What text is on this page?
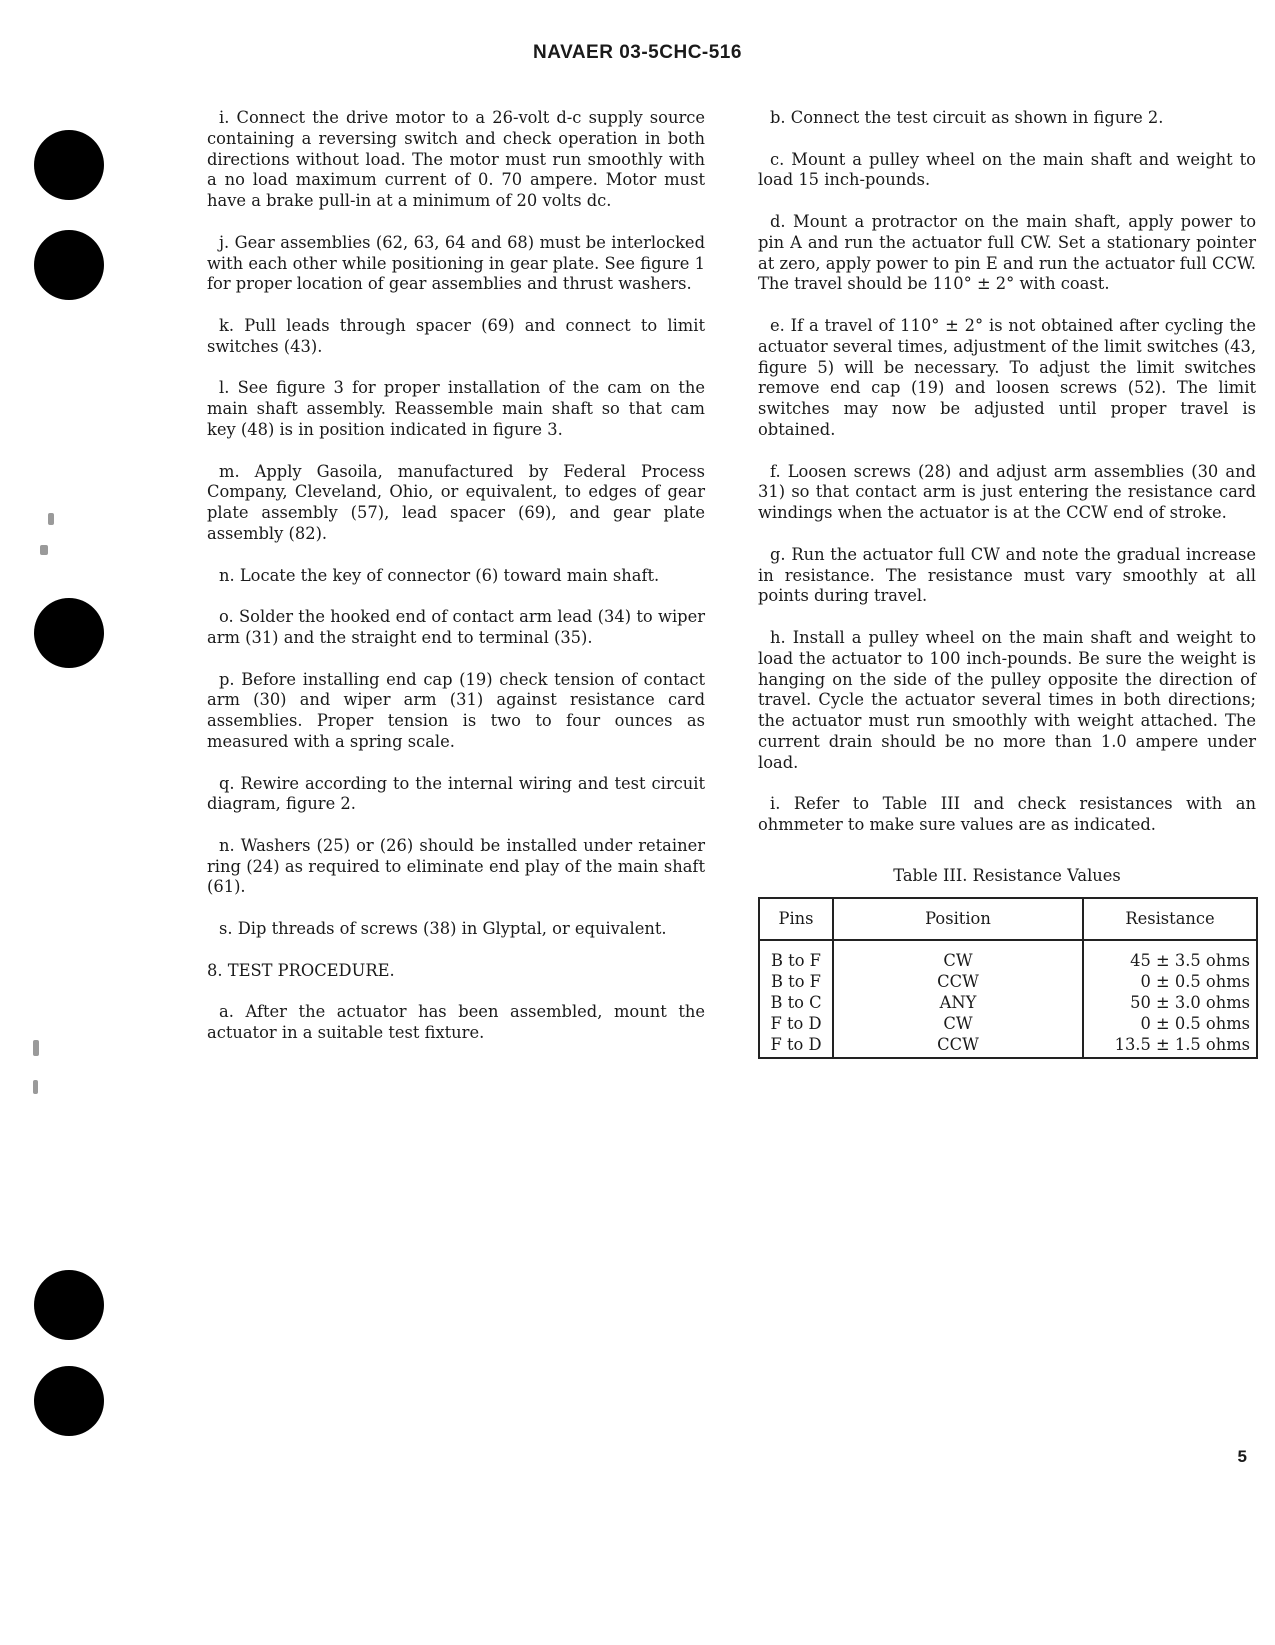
NAVAER 03-5CHC-516

i. Connect the drive motor to a 26-volt d-c supply source containing a reversing switch and check operation in both directions without load. The motor must run smoothly with a no load maximum current of 0. 70 ampere. Motor must have a brake pull-in at a minimum of 20 volts dc.

j. Gear assemblies (62, 63, 64 and 68) must be interlocked with each other while positioning in gear plate. See figure 1 for proper location of gear assemblies and thrust washers.

k. Pull leads through spacer (69) and connect to limit switches (43).

l. See figure 3 for proper installation of the cam on the main shaft assembly. Reassemble main shaft so that cam key (48) is in position indicated in figure 3.

m. Apply Gasoila, manufactured by Federal Process Company, Cleveland, Ohio, or equivalent, to edges of gear plate assembly (57), lead spacer (69), and gear plate assembly (82).

n. Locate the key of connector (6) toward main shaft.

o. Solder the hooked end of contact arm lead (34) to wiper arm (31) and the straight end to terminal (35).

p. Before installing end cap (19) check tension of contact arm (30) and wiper arm (31) against resistance card assemblies. Proper tension is two to four ounces as measured with a spring scale.

q. Rewire according to the internal wiring and test circuit diagram, figure 2.

n. Washers (25) or (26) should be installed under retainer ring (24) as required to eliminate end play of the main shaft (61).

s. Dip threads of screws (38) in Glyptal, or equivalent.

8. TEST PROCEDURE.

a. After the actuator has been assembled, mount the actuator in a suitable test fixture.

b. Connect the test circuit as shown in figure 2.

c. Mount a pulley wheel on the main shaft and weight to load 15 inch-pounds.

d. Mount a protractor on the main shaft, apply power to pin A and run the actuator full CW. Set a stationary pointer at zero, apply power to pin E and run the actuator full CCW. The travel should be 110° ± 2° with coast.

e. If a travel of 110° ± 2° is not obtained after cycling the actuator several times, adjustment of the limit switches (43, figure 5) will be necessary. To adjust the limit switches remove end cap (19) and loosen screws (52). The limit switches may now be adjusted until proper travel is obtained.

f. Loosen screws (28) and adjust arm assemblies (30 and 31) so that contact arm is just entering the resistance card windings when the actuator is at the CCW end of stroke.

g. Run the actuator full CW and note the gradual increase in resistance. The resistance must vary smoothly at all points during travel.

h. Install a pulley wheel on the main shaft and weight to load the actuator to 100 inch-pounds. Be sure the weight is hanging on the side of the pulley opposite the direction of travel. Cycle the actuator several times in both directions; the actuator must run smoothly with weight attached. The current drain should be no more than 1.0 ampere under load.

i. Refer to Table III and check resistances with an ohmmeter to make sure values are as indicated.

Table III. Resistance Values
Pins	Position	Resistance
B to F	CW	45 ± 3.5 ohms
B to F	CCW	0 ± 0.5 ohms
B to C	ANY	50 ± 3.0 ohms
F to D	CW	0 ± 0.5 ohms
F to D	CCW	13.5 ± 1.5 ohms
5
